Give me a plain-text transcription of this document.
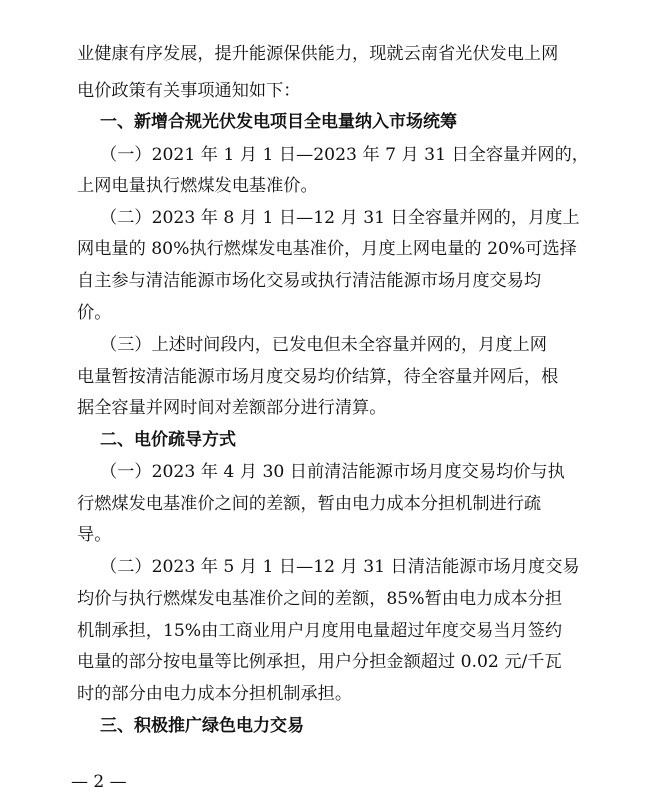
业健康有序发展，提升能源保供能力，现就云南省光伏发电上网
电价政策有关事项通知如下：
一、新增合规光伏发电项目全电量纳入市场统筹
（一）2021 年 1 月 1 日—2023 年 7 月 31 日全容量并网的，
上网电量执行燃煤发电基准价。
（二）2023 年 8 月 1 日—12 月 31 日全容量并网的，月度上
网电量的 80%执行燃煤发电基准价，月度上网电量的 20%可选择
自主参与清洁能源市场化交易或执行清洁能源市场月度交易均
价。
（三）上述时间段内，已发电但未全容量并网的，月度上网
电量暂按清洁能源市场月度交易均价结算，待全容量并网后，根
据全容量并网时间对差额部分进行清算。
二、电价疏导方式
（一）2023 年 4 月 30 日前清洁能源市场月度交易均价与执
行燃煤发电基准价之间的差额，暂由电力成本分担机制进行疏
导。
（二）2023 年 5 月 1 日—12 月 31 日清洁能源市场月度交易
均价与执行燃煤发电基准价之间的差额，85%暂由电力成本分担
机制承担，15%由工商业用户月度用电量超过年度交易当月签约
电量的部分按电量等比例承担，用户分担金额超过 0.02 元/千瓦
时的部分由电力成本分担机制承担。
三、积极推广绿色电力交易
— 2 —
